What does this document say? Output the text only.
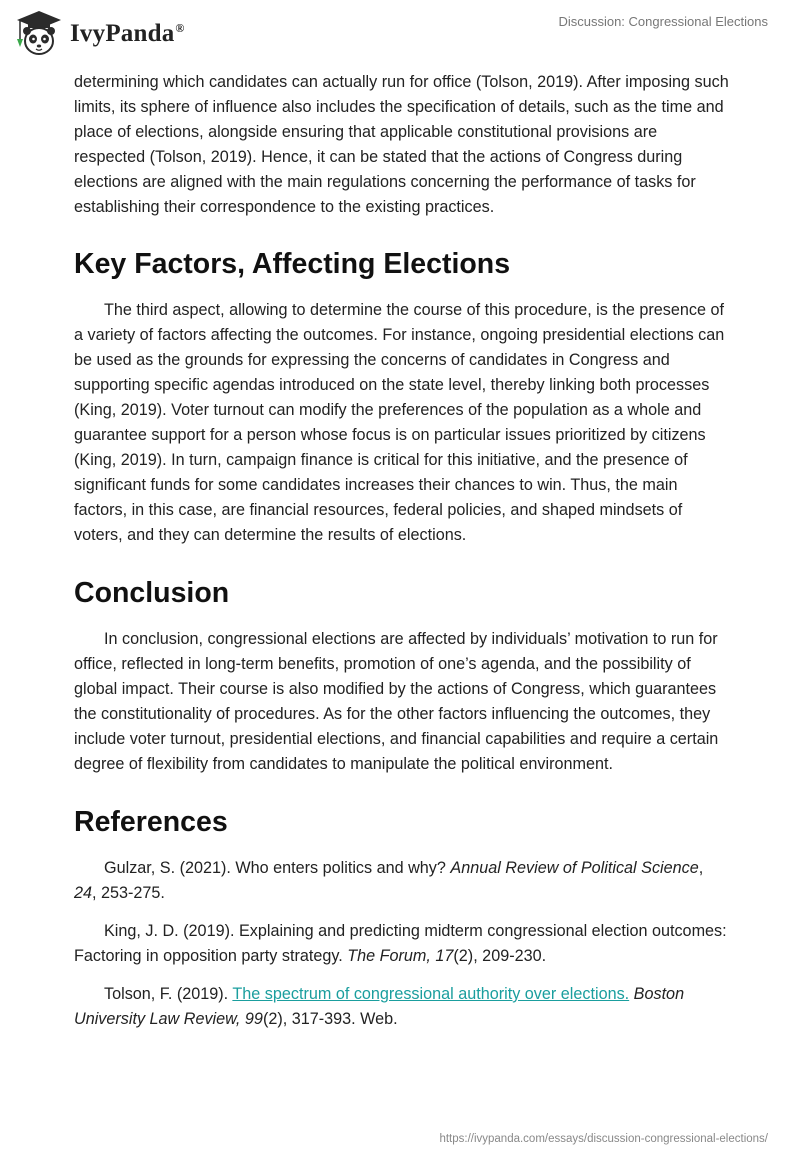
IvyPanda®	Discussion: Congressional Elections

determining which candidates can actually run for office (Tolson, 2019). After imposing such limits, its sphere of influence also includes the specification of details, such as the time and place of elections, alongside ensuring that applicable constitutional provisions are respected (Tolson, 2019). Hence, it can be stated that the actions of Congress during elections are aligned with the main regulations concerning the performance of tasks for establishing their correspondence to the existing practices.

Key Factors, Affecting Elections

The third aspect, allowing to determine the course of this procedure, is the presence of a variety of factors affecting the outcomes. For instance, ongoing presidential elections can be used as the grounds for expressing the concerns of candidates in Congress and supporting specific agendas introduced on the state level, thereby linking both processes (King, 2019). Voter turnout can modify the preferences of the population as a whole and guarantee support for a person whose focus is on particular issues prioritized by citizens (King, 2019). In turn, campaign finance is critical for this initiative, and the presence of significant funds for some candidates increases their chances to win. Thus, the main factors, in this case, are financial resources, federal policies, and shaped mindsets of voters, and they can determine the results of elections.

Conclusion

In conclusion, congressional elections are affected by individuals’ motivation to run for office, reflected in long-term benefits, promotion of one’s agenda, and the possibility of global impact. Their course is also modified by the actions of Congress, which guarantees the constitutionality of procedures. As for the other factors influencing the outcomes, they include voter turnout, presidential elections, and financial capabilities and require a certain degree of flexibility from candidates to manipulate the political environment.

References

Gulzar, S. (2021). Who enters politics and why? Annual Review of Political Science, 24, 253-275.

King, J. D. (2019). Explaining and predicting midterm congressional election outcomes: Factoring in opposition party strategy. The Forum, 17(2), 209-230.

Tolson, F. (2019). The spectrum of congressional authority over elections. Boston University Law Review, 99(2), 317-393. Web.

https://ivypanda.com/essays/discussion-congressional-elections/
